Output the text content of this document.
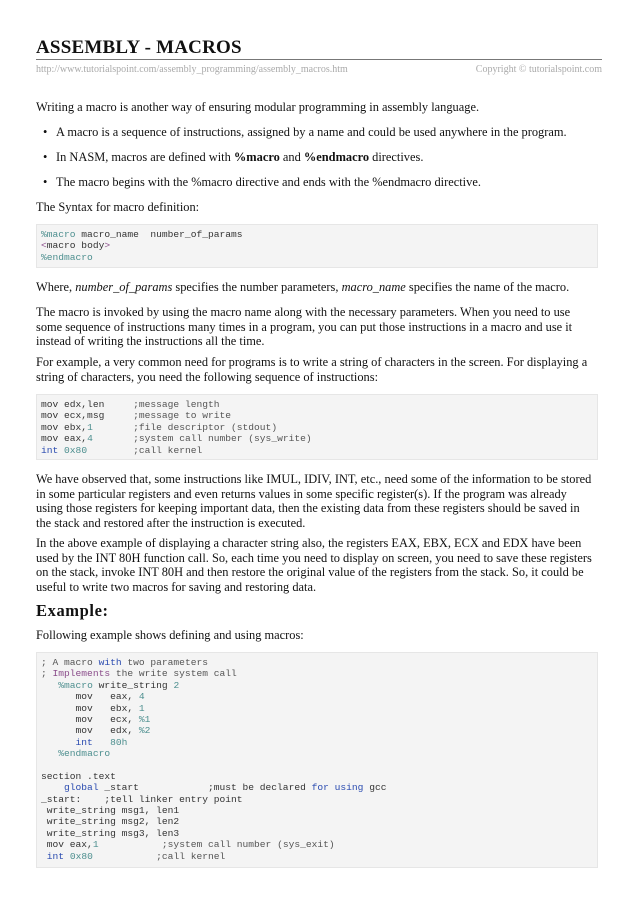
ASSEMBLY - MACROS
http://www.tutorialspoint.com/assembly_programming/assembly_macros.htm	Copyright © tutorialspoint.com
Writing a macro is another way of ensuring modular programming in assembly language.
• A macro is a sequence of instructions, assigned by a name and could be used anywhere in the program.
• In NASM, macros are defined with %macro and %endmacro directives.
• The macro begins with the %macro directive and ends with the %endmacro directive.
The Syntax for macro definition:
%macro macro_name  number_of_params
<macro body>
%endmacro
Where, number_of_params specifies the number parameters, macro_name specifies the name of the macro.
The macro is invoked by using the macro name along with the necessary parameters. When you need to use
some sequence of instructions many times in a program, you can put those instructions in a macro and use it
instead of writing the instructions all the time.
For example, a very common need for programs is to write a string of characters in the screen. For displaying a
string of characters, you need the following sequence of instructions:
mov edx,len     ;message length
mov ecx,msg     ;message to write
mov ebx,1	;file descriptor (stdout)
mov eax,4	;system call number (sys_write)
int 0x80	;call kernel
We have observed that, some instructions like IMUL, IDIV, INT, etc., need some of the information to be stored
in some particular registers and even returns values in some specific register(s). If the program was already
using those registers for keeping important data, then the existing data from these registers should be saved in
the stack and restored after the instruction is executed.
In the above example of displaying a character string also, the registers EAX, EBX, ECX and EDX have been
used by the INT 80H function call. So, each time you need to display on screen, you need to save these registers
on the stack, invoke INT 80H and then restore the original value of the registers from the stack. So, it could be
useful to write two macros for saving and restoring data.
Example:
Following example shows defining and using macros:
; A macro with two parameters
; Implements the write system call
%macro write_string 2
mov   eax, 4
mov   ebx, 1
mov   ecx, %1
mov   edx, %2
int 80h
%endmacro
section .text
global _start            ;must be declared for using gcc
_start:    ;tell linker entry point
write_string msg1, len1
write_string msg2, len2
write_string msg3, len3
mov eax,1           ;system call number (sys_exit)
int 0x80           ;call kernel
